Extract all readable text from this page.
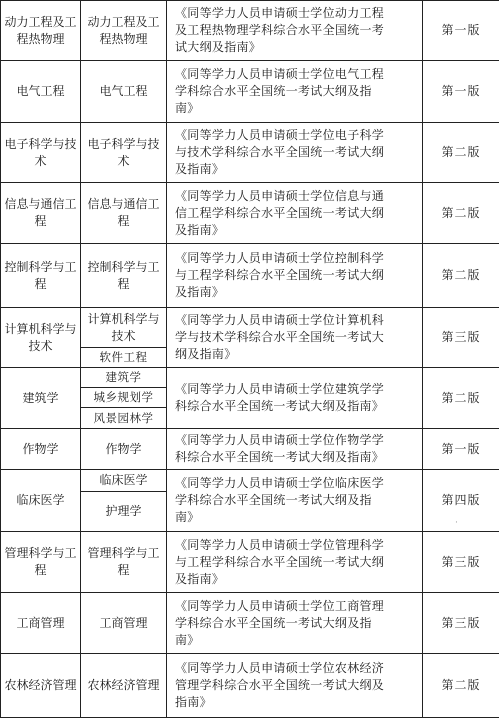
动力工程及工程热物理	动力工程及工程热物理	《同等学力人员申请硕士学位动力工程
及工程热物理学科综合水平全国统一考
试大纲及指南》	第一版

电气工程	电气工程	《同等学力人员申请硕士学位电气工程
学科综合水平全国统一考试大纲及指
南》	第一版

电子科学与技术	电子科学与技术	《同等学力人员申请硕士学位电子科学
与技术学科综合水平全国统一考试大纲
及指南》	第二版

信息与通信工程	信息与通信工程	《同等学力人员申请硕士学位信息与通
信工程学科综合水平全国统一考试大纲
及指南》	第二版

控制科学与工程	控制科学与工程	《同等学力人员申请硕士学位控制科学
与工程学科综合水平全国统一考试大纲
及指南》	第二版

计算机科学与技术	计算机科学与技术	《同等学力人员申请硕士学位计算机科
学与技术学科综合水平全国统一考试大
纲及指南》	第三版

	软件工程		

建筑学	建筑学	《同等学力人员申请硕士学位建筑学学
科综合水平全国统一考试大纲及指南》	第二版

	城乡规划学		

	风景园林学		

作物学	作物学	《同等学力人员申请硕士学位作物学学
科综合水平全国统一考试大纲及指南》	第一版

临床医学	临床医学	《同等学力人员申请硕士学位临床医学
学科综合水平全国统一考试大纲及指
南》	第四版

	护理学		

管理科学与工程	管理科学与工程	《同等学力人员申请硕士学位管理科学
与工程学科综合水平全国统一考试大纲
及指南》	第三版

工商管理	工商管理	《同等学力人员申请硕士学位工商管理
学科综合水平全国统一考试大纲及指
南》	第三版

农林经济管理	农林经济管理	《同等学力人员申请硕士学位农林经济
管理学科综合水平全国统一考试大纲及
指南》	第二版
·
